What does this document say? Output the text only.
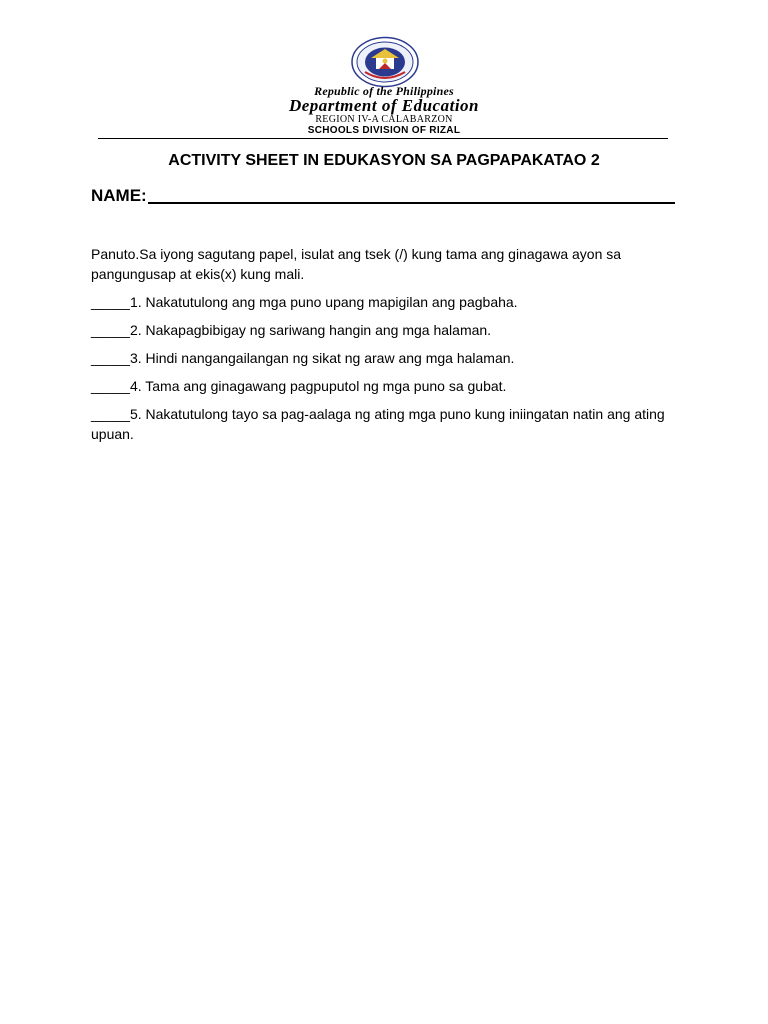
Republic of the Philippines
Department of Education
REGION IV-A CALABARZON
SCHOOLS DIVISION OF RIZAL
ACTIVITY SHEET IN EDUKASYON SA PAGPAPAKATAO 2
NAME:

Panuto.Sa iyong sagutang papel, isulat ang tsek (/) kung tama ang ginagawa ayon sa pangungusap at ekis(x) kung mali.

_____1. Nakatutulong ang mga puno upang mapigilan ang pagbaha.
_____2. Nakapagbibigay ng sariwang hangin ang mga halaman.
_____3. Hindi nangangailangan ng sikat ng araw ang mga halaman.
_____4. Tama ang ginagawang pagpuputol ng mga puno sa gubat.
_____5. Nakatutulong tayo sa pag-aalaga ng ating mga puno kung iniingatan natin ang ating upuan.
